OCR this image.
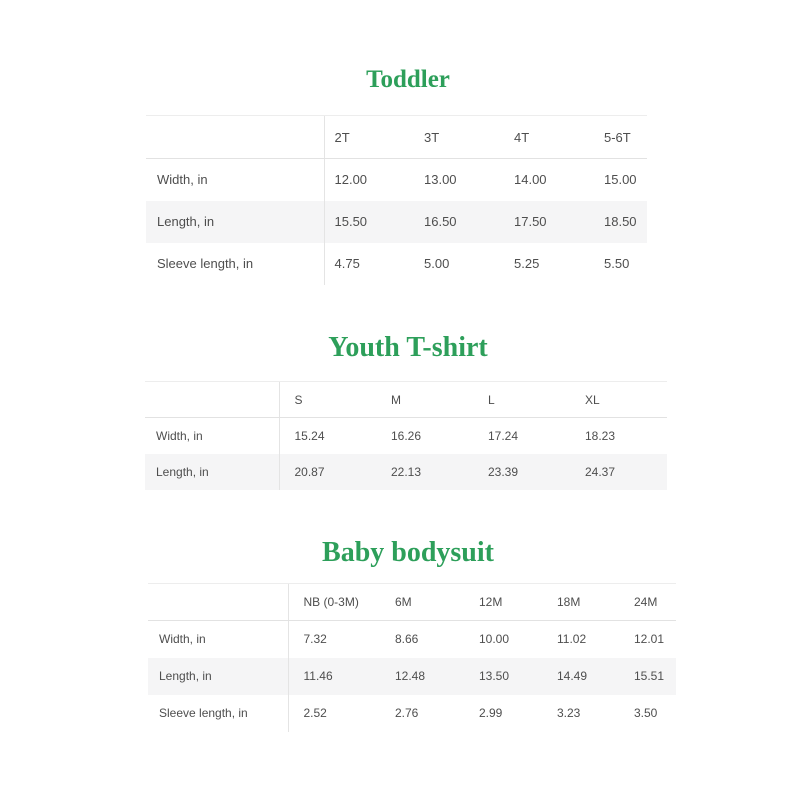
Toddler
	2T	3T	4T	5-6T
Width, in	12.00	13.00	14.00	15.00
Length, in	15.50	16.50	17.50	18.50
Sleeve length, in	4.75	5.00	5.25	5.50
Youth T-shirt
	S	M	L	XL
Width, in	15.24	16.26	17.24	18.23
Length, in	20.87	22.13	23.39	24.37
Baby bodysuit
	NB (0-3M)	6M	12M	18M	24M
Width, in	7.32	8.66	10.00	11.02	12.01
Length, in	11.46	12.48	13.50	14.49	15.51
Sleeve length, in	2.52	2.76	2.99	3.23	3.50
